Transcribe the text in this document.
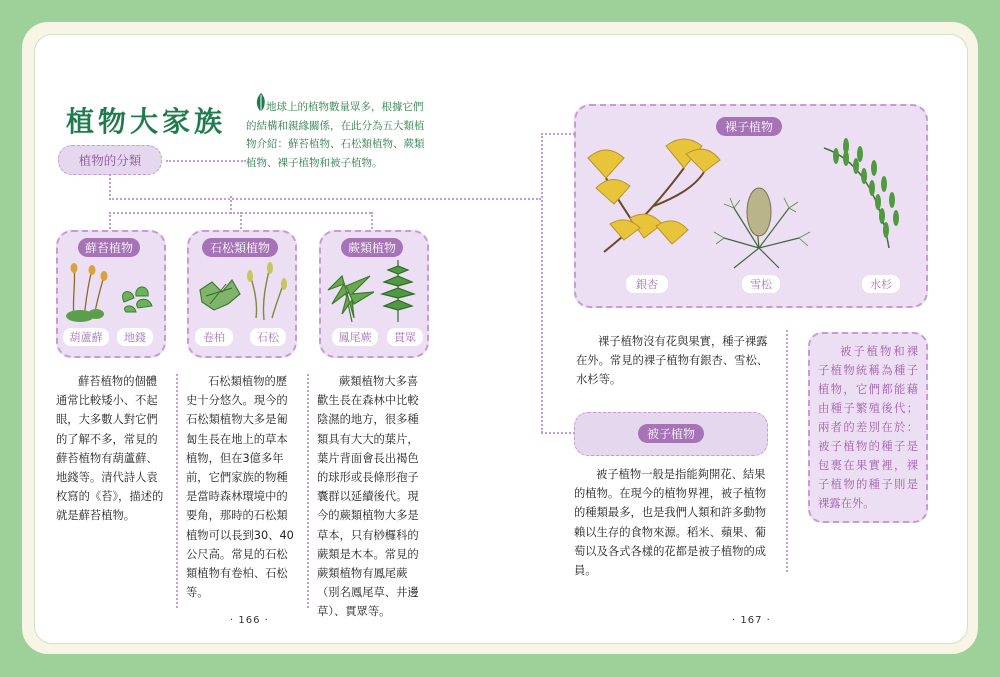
植物大家族	地球上的植物數量眾多，根據它們的結構和親緣關係，在此分為五大類植物介紹：蘚苔植物、石松類植物、蕨類植物、裸子植物和被子植物。
植物的分類
蘚苔植物
葫蘆蘚	地錢
石松類植物
卷柏	石松
蕨類植物
鳳尾蕨	貫眾
蘚苔植物的個體通常比較矮小、不起眼，大多數人對它們的了解不多，常見的蘚苔植物有葫蘆蘚、地錢等。清代詩人袁枚寫的《苔》，描述的就是蘚苔植物。
石松類植物的歷史十分悠久。現今的石松類植物大多是匍匐生長在地上的草本植物，但在3億多年前，它們家族的物種是當時森林環境中的要角，那時的石松類植物可以長到30、40公尺高。常見的石松類植物有卷柏、石松等。
蕨類植物大多喜歡生長在森林中比較陰濕的地方，很多種類具有大大的葉片，葉片背面會長出褐色的球形或長條形孢子囊群以延續後代。現今的蕨類植物大多是草本，只有桫欏科的蕨類是木本。常見的蕨類植物有鳳尾蕨（別名鳳尾草、井邊草）、貫眾等。
裸子植物
銀杏	雪松	水杉
裸子植物沒有花與果實，種子裸露在外。常見的裸子植物有銀杏、雪松、水杉等。
被子植物
被子植物一般是指能夠開花、結果的植物。在現今的植物界裡，被子植物的種類最多，也是我們人類和許多動物賴以生存的食物來源。稻米、蘋果、葡萄以及各式各樣的花都是被子植物的成員。
被子植物和裸子植物統稱為種子植物，它們都能藉由種子繁殖後代；兩者的差別在於：被子植物的種子是包裹在果實裡，裸子植物的種子則是裸露在外。
· 166 ·	· 167 ·
